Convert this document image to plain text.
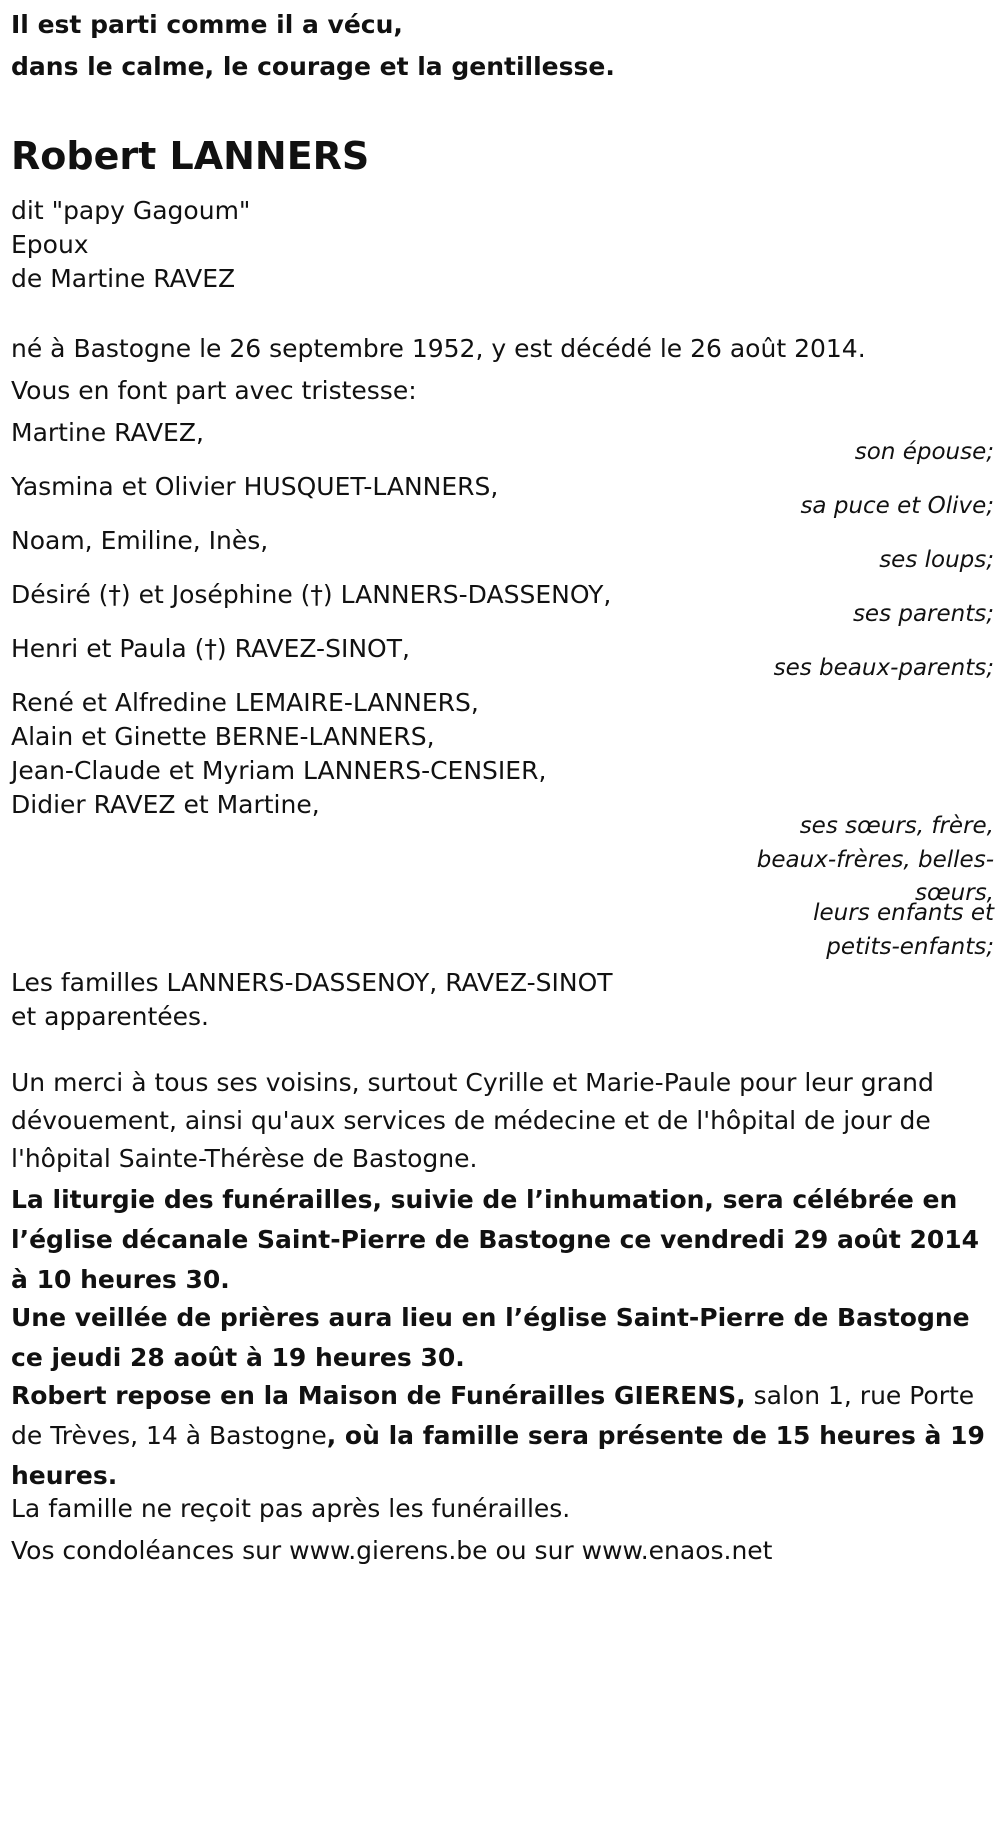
Il est parti comme il a vécu,
dans le calme, le courage et la gentillesse.
Robert LANNERS
dit "papy Gagoum"
Epoux
de Martine RAVEZ
né à Bastogne le 26 septembre 1952, y est décédé le 26 août 2014.
Vous en font part avec tristesse:
Martine RAVEZ,
son épouse;
Yasmina et Olivier HUSQUET-LANNERS,
sa puce et Olive;
Noam, Emiline, Inès,
ses loups;
Désiré (†) et Joséphine (†) LANNERS-DASSENOY,
ses parents;
Henri et Paula (†) RAVEZ-SINOT,
ses beaux-parents;
René et Alfredine LEMAIRE-LANNERS,
Alain et Ginette BERNE-LANNERS,
Jean-Claude et Myriam LANNERS-CENSIER,
Didier RAVEZ et Martine,
ses sœurs, frère,
beaux-frères, belles-
sœurs,
leurs enfants et
petits-enfants;
Les familles LANNERS-DASSENOY, RAVEZ-SINOT
et apparentées.
Un merci à tous ses voisins, surtout Cyrille et Marie-Paule pour leur grand dévouement, ainsi qu'aux services de médecine et de l'hôpital de jour de l'hôpital Sainte-Thérèse de Bastogne.
La liturgie des funérailles, suivie de l’inhumation, sera célébrée en l’église décanale Saint-Pierre de Bastogne ce vendredi 29 août 2014 à 10 heures 30.
Une veillée de prières aura lieu en l’église Saint-Pierre de Bastogne ce jeudi 28 août à 19 heures 30.
Robert repose en la Maison de Funérailles GIERENS, salon 1, rue Porte de Trèves, 14 à Bastogne, où la famille sera présente de 15 heures à 19 heures.
La famille ne reçoit pas après les funérailles.
Vos condoléances sur www.gierens.be ou sur www.enaos.net
